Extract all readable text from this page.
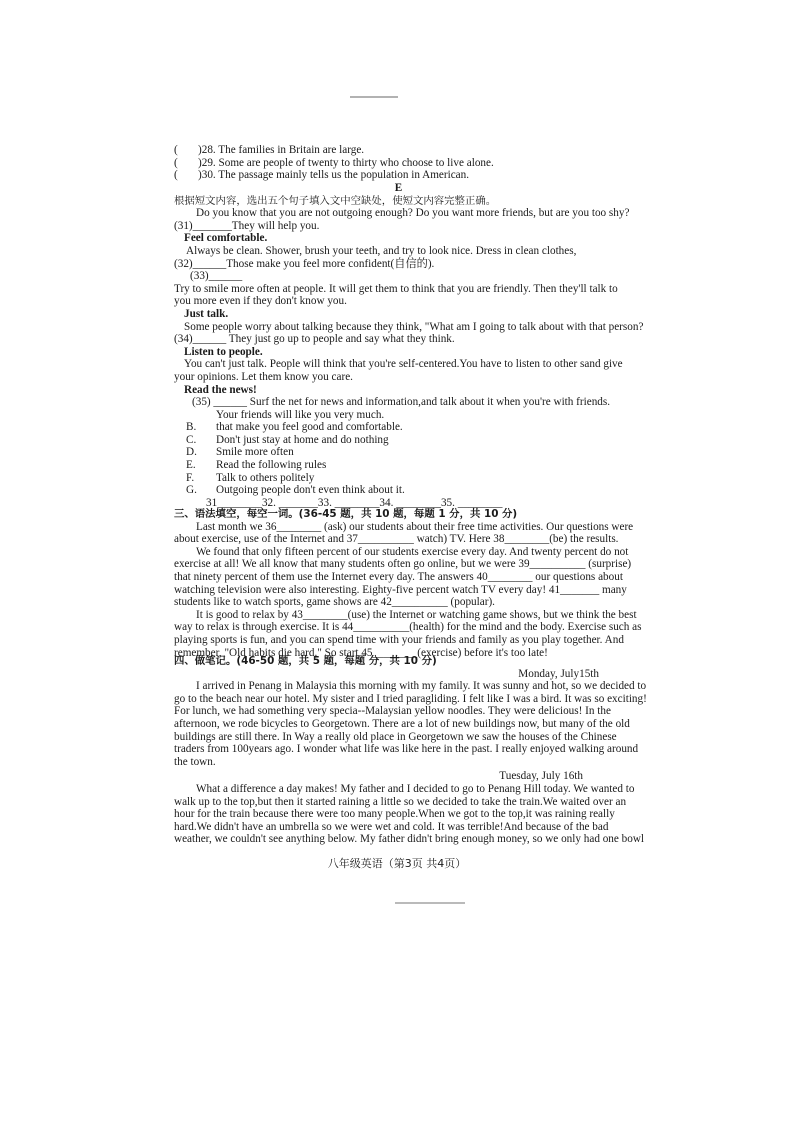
(	)28. The families in Britain are large.
(	)29. Some are people of twenty to thirty who choose to live alone.
(	)30. The passage mainly tells us the population in American.
E
根据短文内容，选出五个句子填入文中空缺处，使短文内容完整正确。
Do you know that you are not outgoing enough? Do you want more friends, but are you too shy?
(31)_______They will help you.
Feel comfortable.
Always be clean. Shower, brush your teeth, and try to look nice. Dress in clean clothes,
(32)______Those make you feel more confident(自信的).
(33)______
Try to smile more often at people. It will get them to think that you are friendly. Then they'll talk to
you more even if they don't know you.
Just talk.
Some people worry about talking because they think, "What am I going to talk about with that person?
(34)______ They just go up to people and say what they think.
Listen to people.
You can't just talk. People will think that you're self-centered.You have to listen to other sand give
your opinions. Let them know you care.
Read the news!
(35) ______ Surf the net for news and information,and talk about it when you're with friends.
Your friends will like you very much.
B.	that make you feel good and comfortable.
C.	Don't just stay at home and do nothing
D.	Smile more often
E.	Read the following rules
F.	Talk to others politely
G.	Outgoing people don't even think about it.
31________32. _______33. ________34. ________35. ________
三、语法填空，每空一词。(36-45 题，共 10 题，每题 1 分，共 10 分)
Last month we 36________ (ask) our students about their free time activities. Our questions were
about exercise, use of the Internet and 37__________ watch) TV. Here 38________(be) the results.
We found that only fifteen percent of our students exercise every day. And twenty percent do not
exercise at all! We all know that many students often go online, but we were 39__________ (surprise)
that ninety percent of them use the Internet every day. The answers 40________ our questions about
watching television were also interesting. Eighty-five percent watch TV every day! 41_______ many
students like to watch sports, game shows are 42__________ (popular).
It is good to relax by 43________(use) the Internet or watching game shows, but we think the best
way to relax is through exercise. It is 44__________(health) for the mind and the body. Exercise such as
playing sports is fun, and you can spend time with your friends and family as you play together. And
remember, "Old habits die hard." So start 45________(exercise) before it's too late!
四、做笔记。(46-50 题，共 5 题，每题 分，共 10 分)
Monday, July15th
I arrived in Penang in Malaysia this morning with my family. It was sunny and hot, so we decided to
go to the beach near our hotel. My sister and I tried paragliding. I felt like I was a bird. It was so exciting!
For lunch, we had something very specia--Malaysian yellow noodles. They were delicious! In the
afternoon, we rode bicycles to Georgetown. There are a lot of new buildings now, but many of the old
buildings are still there. In Way a really old place in Georgetown we saw the houses of the Chinese
traders from 100years ago. I wonder what life was like here in the past. I really enjoyed walking around
the town.
Tuesday, July 16th
What a difference a day makes! My father and I decided to go to Penang Hill today. We wanted to
walk up to the top,but then it started raining a little so we decided to take the train.We waited over an
hour for the train because there were too many people.When we got to the top,it was raining really
hard.We didn't have an umbrella so we were wet and cold. It was terrible!And because of the bad
weather, we couldn't see anything below. My father didn't bring enough money, so we only had one bowl
八年级英语（第3页 共4页）
